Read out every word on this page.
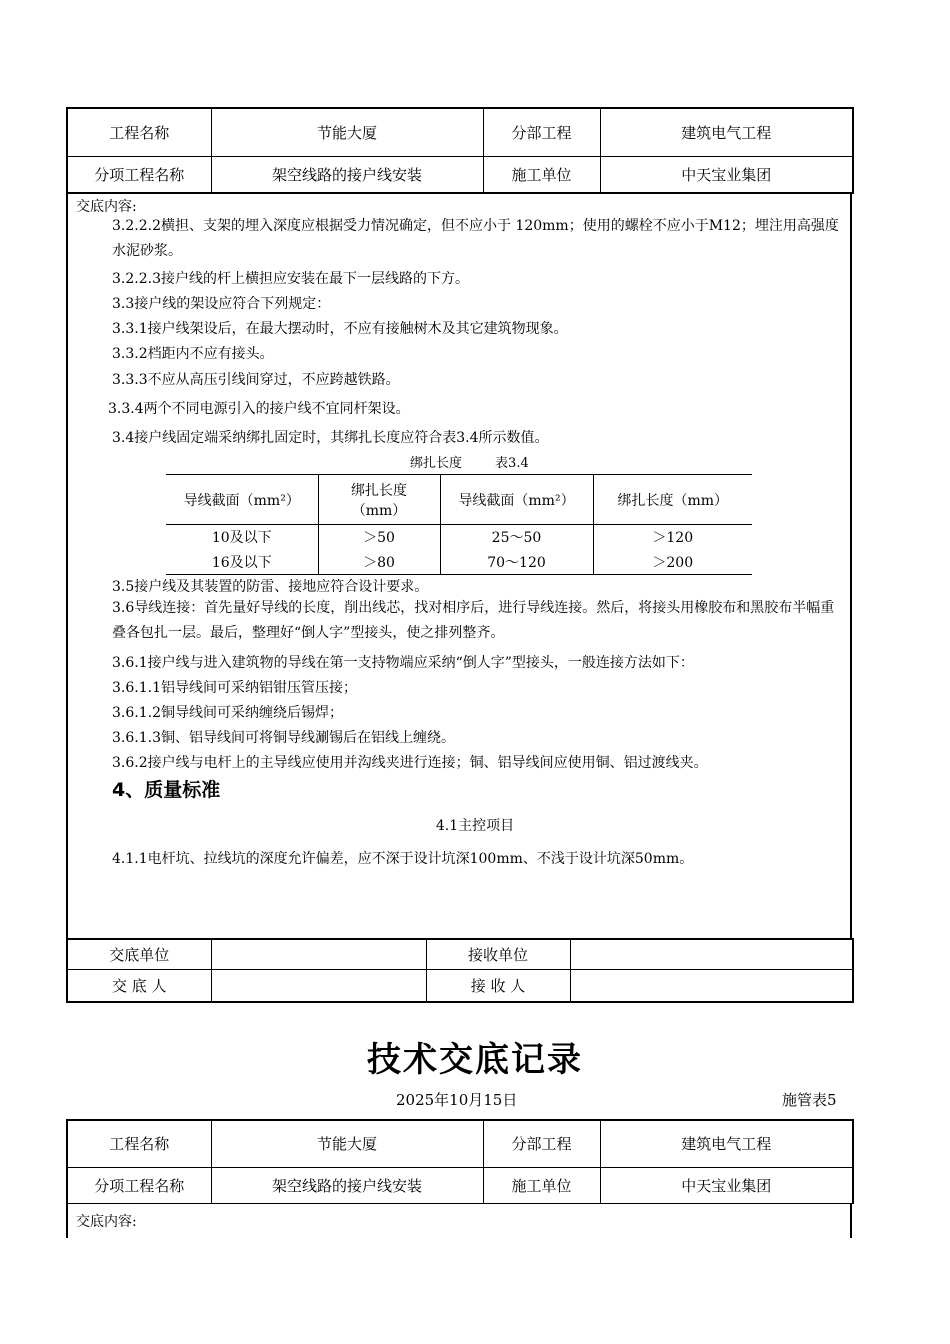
工程名称	节能大厦	分部工程	建筑电气工程
分项工程名称	架空线路的接户线安装	施工单位	中天宝业集团
交底内容:
3.2.2.2横担、支架的埋入深度应根据受力情况确定，但不应小于 120mm；使用的螺栓不应小于M12；埋注用高强度水泥砂浆。
3.2.2.3接户线的杆上横担应安装在最下一层线路的下方。
3.3接户线的架设应符合下列规定：
3.3.1接户线架设后，在最大摆动时，不应有接触树木及其它建筑物现象。
3.3.2档距内不应有接头。
3.3.3不应从高压引线间穿过，不应跨越铁路。
3.3.4两个不同电源引入的接户线不宜同杆架设。
3.4接户线固定端采纳绑扎固定时，其绑扎长度应符合表3.4所示数值。
绑扎长度        表3.4
导线截面（mm²）	绑扎长度（mm）	导线截面（mm²）	绑扎长度（mm）
10及以下	＞50	25～50	＞120
16及以下	＞80	70～120	＞200
3.5接户线及其装置的防雷、接地应符合设计要求。
3.6导线连接：首先量好导线的长度，削出线芯，找对相序后，进行导线连接。然后，将接头用橡胶布和黑胶布半幅重叠各包扎一层。最后，整理好“倒人字”型接头，使之排列整齐。
3.6.1接户线与进入建筑物的导线在第一支持物端应采纳“倒人字”型接头，一般连接方法如下：
3.6.1.1铝导线间可采纳铝钳压管压接；
3.6.1.2铜导线间可采纳缠绕后锡焊；
3.6.1.3铜、铝导线间可将铜导线涮锡后在铝线上缠绕。
3.6.2接户线与电杆上的主导线应使用并沟线夹进行连接；铜、铝导线间应使用铜、铝过渡线夹。
4、质量标准
4.1主控项目
4.1.1电杆坑、拉线坑的深度允许偏差，应不深于设计坑深100mm、不浅于设计坑深50mm。
交底单位		接收单位	
交 底 人		接 收 人	
技术交底记录
2025年10月15日	施管表5
工程名称	节能大厦	分部工程	建筑电气工程
分项工程名称	架空线路的接户线安装	施工单位	中天宝业集团
交底内容:
